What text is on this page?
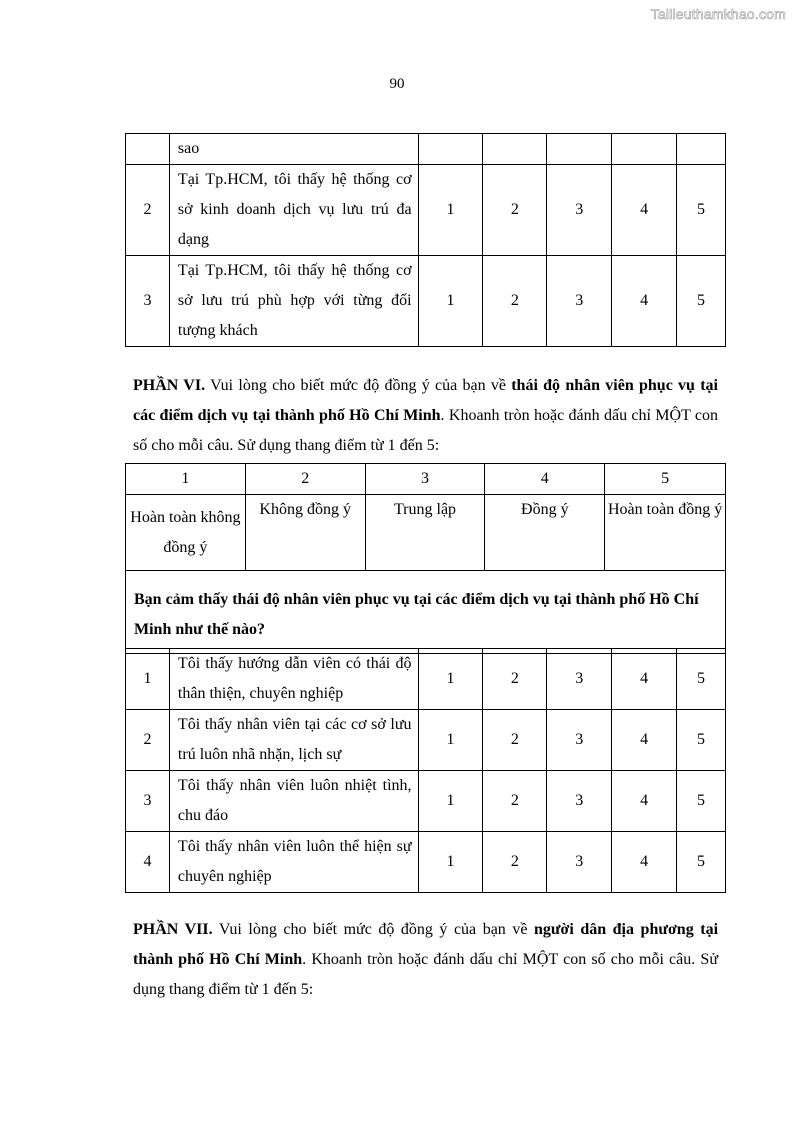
Tailieuthamkhao.com
90
	sao					
2	Tại Tp.HCM, tôi thấy hệ thống cơ sở kinh doanh dịch vụ lưu trú đa dạng	1	2	3	4	5
3	Tại Tp.HCM, tôi thấy hệ thống cơ sở lưu trú phù hợp với từng đối tượng khách	1	2	3	4	5

PHẦN VI. Vui lòng cho biết mức độ đồng ý của bạn về thái độ nhân viên phục vụ tại các điểm dịch vụ tại thành phố Hồ Chí Minh. Khoanh tròn hoặc đánh dấu chỉ MỘT con số cho mỗi câu. Sử dụng thang điểm từ 1 đến 5:

1	2	3	4	5
Hoàn toàn không đồng ý	Không đồng ý	Trung lập	Đồng ý	Hoàn toàn đồng ý
Bạn cảm thấy thái độ nhân viên phục vụ tại các điểm dịch vụ tại thành phố Hồ Chí Minh như thế nào?				
1	Tôi thấy hướng dẫn viên có thái độ thân thiện, chuyên nghiệp	1	2	3	4	5
2	Tôi thấy nhân viên tại các cơ sở lưu trú luôn nhã nhặn, lịch sự	1	2	3	4	5
3	Tôi thấy nhân viên luôn nhiệt tình, chu đáo	1	2	3	4	5
4	Tôi thấy nhân viên luôn thể hiện sự chuyên nghiệp	1	2	3	4	5

PHẦN VII. Vui lòng cho biết mức độ đồng ý của bạn về người dân địa phương tại thành phố Hồ Chí Minh. Khoanh tròn hoặc đánh dấu chỉ MỘT con số cho mỗi câu. Sử dụng thang điểm từ 1 đến 5:
